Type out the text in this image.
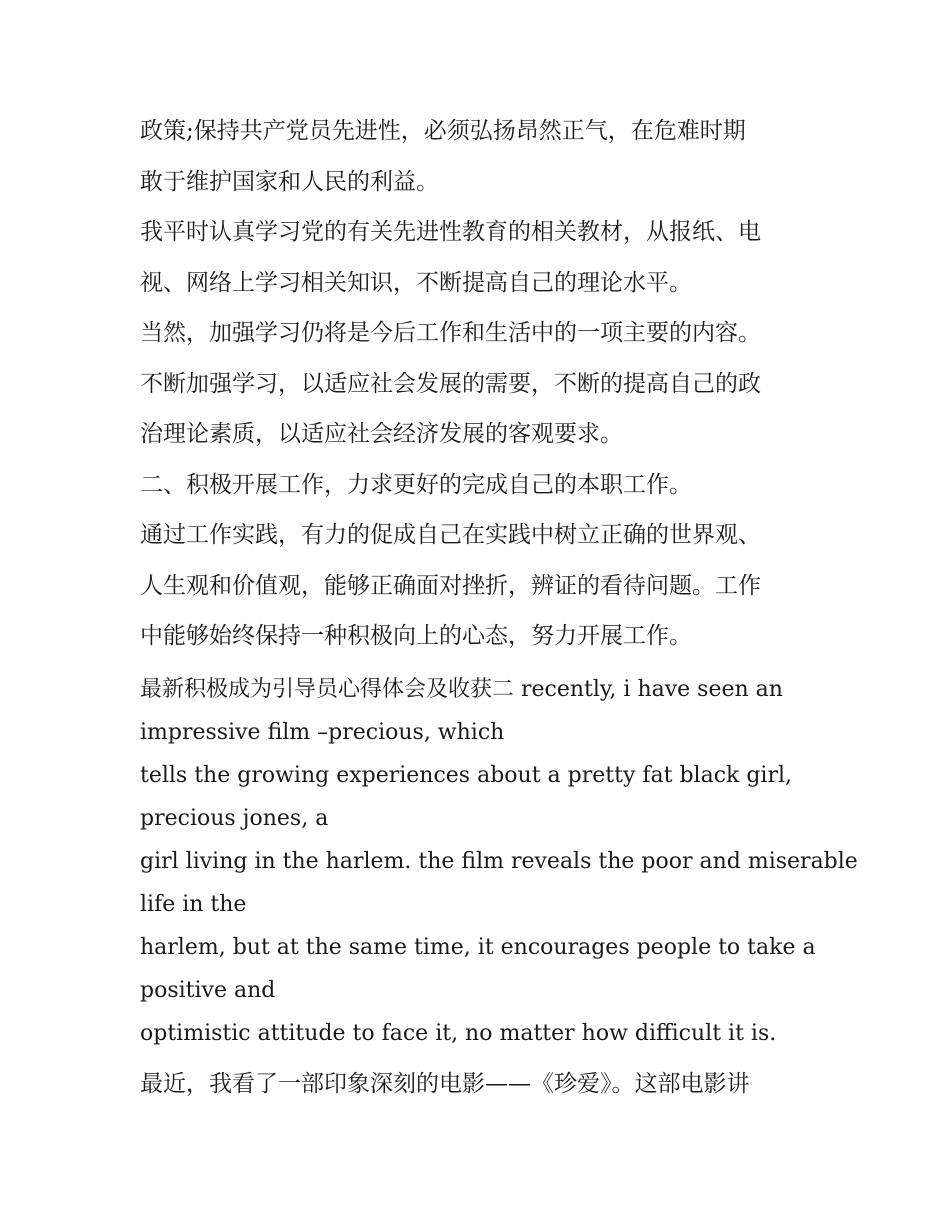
政策;保持共产党员先进性，必须弘扬昂然正气，在危难时期

敢于维护国家和人民的利益。

我平时认真学习党的有关先进性教育的相关教材，从报纸、电

视、网络上学习相关知识，不断提高自己的理论水平。

当然，加强学习仍将是今后工作和生活中的一项主要的内容。

不断加强学习，以适应社会发展的需要，不断的提高自己的政

治理论素质，以适应社会经济发展的客观要求。

二、积极开展工作，力求更好的完成自己的本职工作。

通过工作实践，有力的促成自己在实践中树立正确的世界观、

人生观和价值观，能够正确面对挫折，辨证的看待问题。工作

中能够始终保持一种积极向上的心态，努力开展工作。

最新积极成为引导员心得体会及收获二 recently, i have seen an

impressive film –precious, which

tells the growing experiences about a pretty fat black girl,

precious jones, a

girl living in the harlem. the film reveals the poor and miserable

life in the

harlem, but at the same time, it encourages people to take a

positive and

optimistic attitude to face it, no matter how difficult it is.

最近，我看了一部印象深刻的电影——《珍爱》。这部电影讲
